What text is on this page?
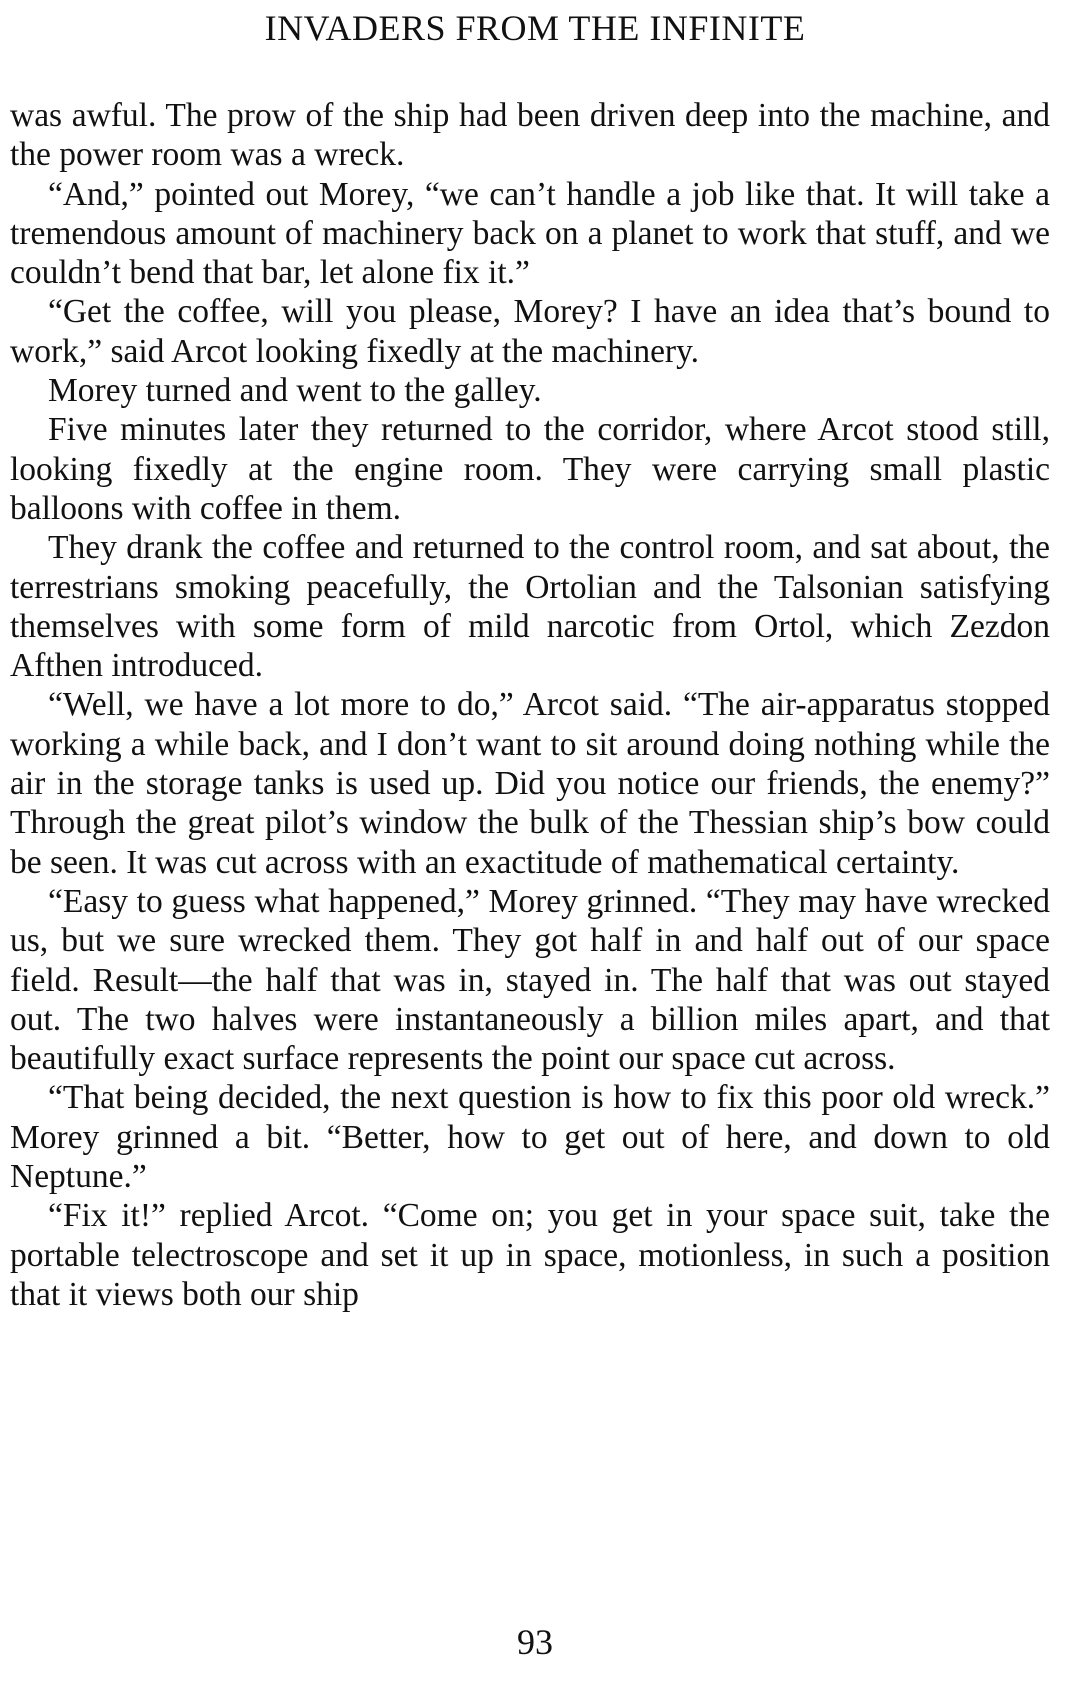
INVADERS FROM THE INFINITE

was awful. The prow of the ship had been driven deep into the machine, and the power room was a wreck.

“And,” pointed out Morey, “we can’t handle a job like that. It will take a tremendous amount of machinery back on a planet to work that stuff, and we couldn’t bend that bar, let alone fix it.”

“Get the coffee, will you please, Morey? I have an idea that’s bound to work,” said Arcot looking fixedly at the machinery.

Morey turned and went to the galley.

Five minutes later they returned to the corridor, where Arcot stood still, looking fixedly at the engine room. They were carrying small plastic balloons with coffee in them.

They drank the coffee and returned to the control room, and sat about, the terrestrians smoking peacefully, the Ortolian and the Talsonian satisfying themselves with some form of mild narcotic from Ortol, which Zezdon Afthen introduced.

“Well, we have a lot more to do,” Arcot said. “The air-apparatus stopped working a while back, and I don’t want to sit around doing nothing while the air in the storage tanks is used up. Did you notice our friends, the enemy?” Through the great pilot’s window the bulk of the Thessian ship’s bow could be seen. It was cut across with an exactitude of mathematical certainty.

“Easy to guess what happened,” Morey grinned. “They may have wrecked us, but we sure wrecked them. They got half in and half out of our space field. Result—the half that was in, stayed in. The half that was out stayed out. The two halves were instantaneously a billion miles apart, and that beautifully exact surface represents the point our space cut across.

“That being decided, the next question is how to fix this poor old wreck.” Morey grinned a bit. “Better, how to get out of here, and down to old Neptune.”

“Fix it!” replied Arcot. “Come on; you get in your space suit, take the portable telectroscope and set it up in space, motionless, in such a position that it views both our ship

93
